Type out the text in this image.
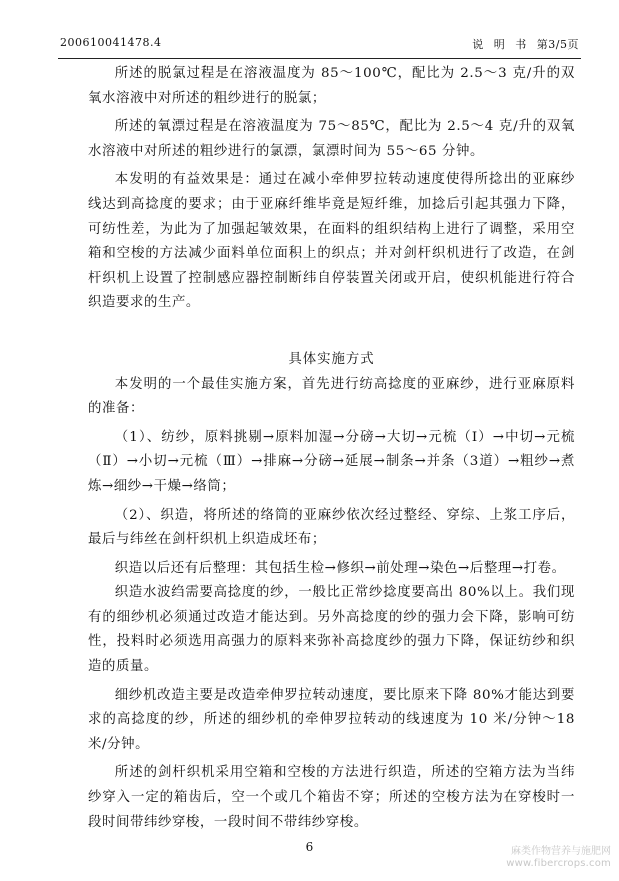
200610041478.4	说 明 书 第3/5页

所述的脱氯过程是在溶液温度为 85～100℃，配比为 2.5～3 克/升的双氧水溶液中对所述的粗纱进行的脱氯；

所述的氧漂过程是在溶液温度为 75～85℃，配比为 2.5～4 克/升的双氧水溶液中对所述的粗纱进行的氯漂，氯漂时间为 55～65 分钟。

本发明的有益效果是：通过在减小牵伸罗拉转动速度使得所捻出的亚麻纱线达到高捻度的要求；由于亚麻纤维毕竟是短纤维，加捻后引起其强力下降，可纺性差，为此为了加强起皱效果，在面料的组织结构上进行了调整，采用空箱和空梭的方法减少面料单位面积上的织点；并对剑杆织机进行了改造，在剑杆织机上设置了控制感应器控制断纬自停装置关闭或开启，使织机能进行符合织造要求的生产。

具体实施方式

本发明的一个最佳实施方案，首先进行纺高捻度的亚麻纱，进行亚麻原料的准备：

（1）、纺纱，原料挑剔→原料加湿→分磅→大切→元梳（Ⅰ）→中切→元梳（Ⅱ）→小切→元梳（Ⅲ）→排麻→分磅→延展→制条→并条（3道）→粗纱→煮炼→细纱→干燥→络筒；

（2）、织造，将所述的络筒的亚麻纱依次经过整经、穿综、上浆工序后，最后与纬丝在剑杆织机上织造成坯布；

织造以后还有后整理：其包括生检→修织→前处理→染色→后整理→打卷。

织造水波绉需要高捻度的纱，一般比正常纱捻度要高出 80%以上。我们现有的细纱机必须通过改造才能达到。另外高捻度的纱的强力会下降，影响可纺性，投料时必须选用高强力的原料来弥补高捻度纱的强力下降，保证纺纱和织造的质量。

细纱机改造主要是改造牵伸罗拉转动速度，要比原来下降 80%才能达到要求的高捻度的纱，所述的细纱机的牵伸罗拉转动的线速度为 10 米/分钟～18 米/分钟。

所述的剑杆织机采用空箱和空梭的方法进行织造，所述的空箱方法为当纬纱穿入一定的箱齿后，空一个或几个箱齿不穿；所述的空梭方法为在穿梭时一段时间带纬纱穿梭，一段时间不带纬纱穿梭。

6	麻类作物营养与施肥网
www.fibercrops.com
